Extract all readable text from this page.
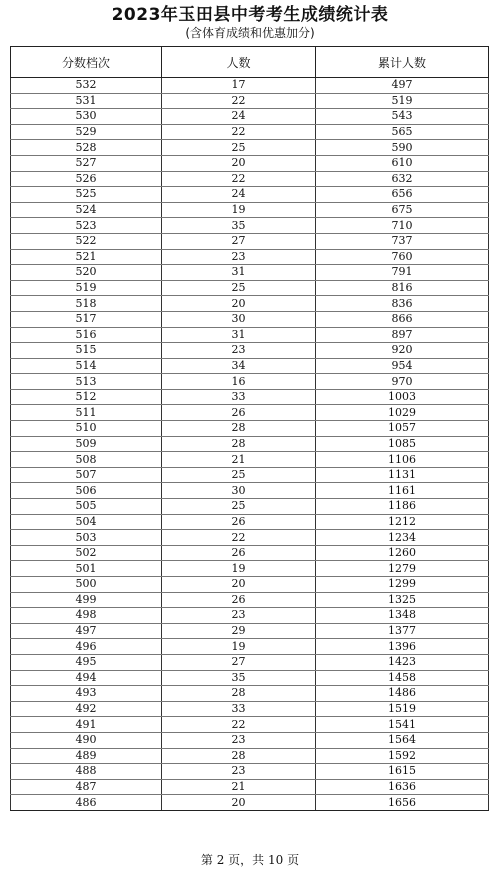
2023年玉田县中考考生成绩统计表
(含体育成绩和优惠加分)
分数档次	人数	累计人数
532	17	497
531	22	519
530	24	543
529	22	565
528	25	590
527	20	610
526	22	632
525	24	656
524	19	675
523	35	710
522	27	737
521	23	760
520	31	791
519	25	816
518	20	836
517	30	866
516	31	897
515	23	920
514	34	954
513	16	970
512	33	1003
511	26	1029
510	28	1057
509	28	1085
508	21	1106
507	25	1131
506	30	1161
505	25	1186
504	26	1212
503	22	1234
502	26	1260
501	19	1279
500	20	1299
499	26	1325
498	23	1348
497	29	1377
496	19	1396
495	27	1423
494	35	1458
493	28	1486
492	33	1519
491	22	1541
490	23	1564
489	28	1592
488	23	1615
487	21	1636
486	20	1656
第 2 页，共 10 页
